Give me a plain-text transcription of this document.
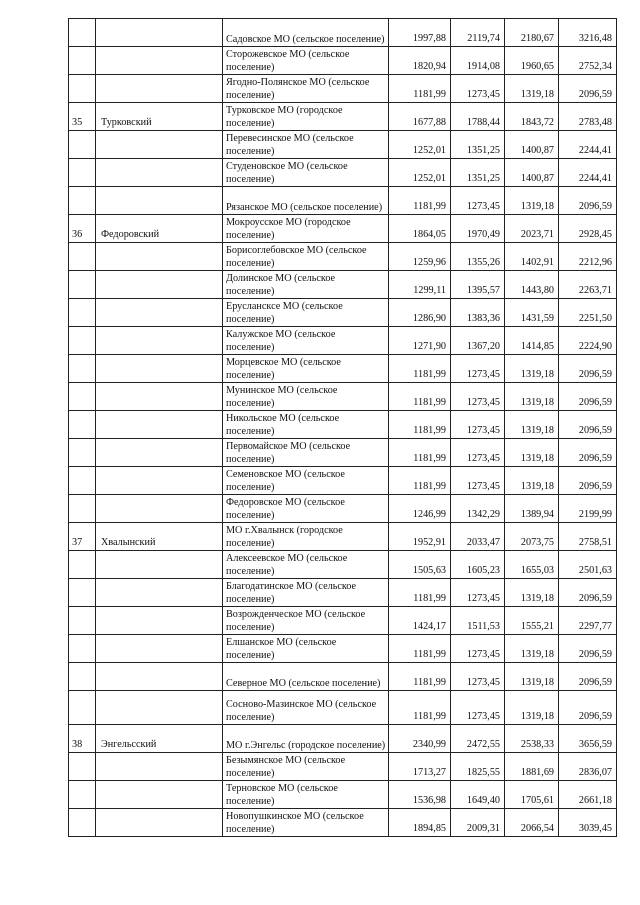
		Садовское МО (сельское поселение)	1997,88	2119,74	2180,67	3216,48
		Сторожевское МО (сельское поселение)	1820,94	1914,08	1960,65	2752,34
		Ягодно-Полянское МО (сельское поселение)	1181,99	1273,45	1319,18	2096,59
35	Турковский	Турковское МО (городское поселение)	1677,88	1788,44	1843,72	2783,48
		Перевесинское МО (сельское поселение)	1252,01	1351,25	1400,87	2244,41
		Студеновское МО (сельское поселение)	1252,01	1351,25	1400,87	2244,41
		Рязанское МО (сельское поселение)	1181,99	1273,45	1319,18	2096,59
36	Федоровский	Мокроусское МО (городское поселение)	1864,05	1970,49	2023,71	2928,45
		Борисоглебовское МО (сельское поселение)	1259,96	1355,26	1402,91	2212,96
		Долинское МО (сельское поселение)	1299,11	1395,57	1443,80	2263,71
		Еруслансксе МО (сельское поселение)	1286,90	1383,36	1431,59	2251,50
		Калужское МО (сельское поселение)	1271,90	1367,20	1414,85	2224,90
		Морцевское МО (сельское поселение)	1181,99	1273,45	1319,18	2096,59
		Мунинское МО (сельское поселение)	1181,99	1273,45	1319,18	2096,59
		Никольское МО (сельское поселение)	1181,99	1273,45	1319,18	2096,59
		Первомайское МО (сельское поселение)	1181,99	1273,45	1319,18	2096,59
		Семеновское МО (сельское поселение)	1181,99	1273,45	1319,18	2096,59
		Федоровское МО (сельское поселение)	1246,99	1342,29	1389,94	2199,99
37	Хвалынский	МО г.Хвалынск (городское поселение)	1952,91	2033,47	2073,75	2758,51
		Алексеевское МО (сельское поселение)	1505,63	1605,23	1655,03	2501,63
		Благодатинское МО (сельское поселение)	1181,99	1273,45	1319,18	2096,59
		Возрожденческое МО (сельское поселение)	1424,17	1511,53	1555,21	2297,77
		Елшанское МО (сельское поселение)	1181,99	1273,45	1319,18	2096,59
		Северное МО (сельское поселение)	1181,99	1273,45	1319,18	2096,59
		Сосново-Мазинское МО (сельское поселение)	1181,99	1273,45	1319,18	2096,59
38	Энгельсский	МО г.Энгельс (городское поселение)	2340,99	2472,55	2538,33	3656,59
		Безымянское МО (сельское поселение)	1713,27	1825,55	1881,69	2836,07
		Терновское МО (сельское поселение)	1536,98	1649,40	1705,61	2661,18
		Новопушкинское МО (сельское поселение)	1894,85	2009,31	2066,54	3039,45
